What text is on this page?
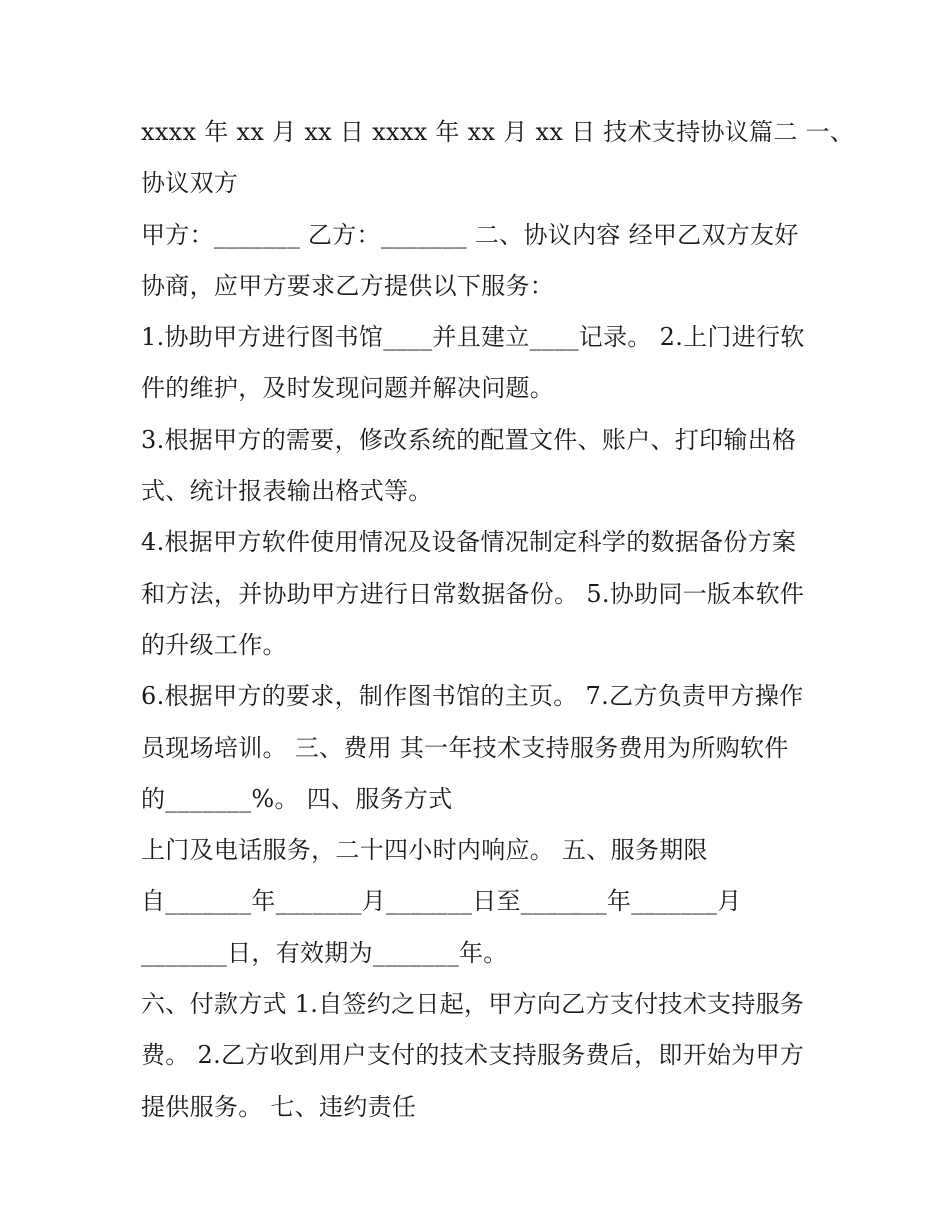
xxxx 年 xx 月 xx 日 xxxx 年 xx 月 xx 日 技术支持协议篇二 一、
协议双方
甲方：_______ 乙方：_______ 二、协议内容 经甲乙双方友好
协商，应甲方要求乙方提供以下服务：
1.协助甲方进行图书馆____并且建立____记录。 2.上门进行软
件的维护，及时发现问题并解决问题。
3.根据甲方的需要，修改系统的配置文件、账户、打印输出格
式、统计报表输出格式等。
4.根据甲方软件使用情况及设备情况制定科学的数据备份方案
和方法，并协助甲方进行日常数据备份。 5.协助同一版本软件
的升级工作。
6.根据甲方的要求，制作图书馆的主页。 7.乙方负责甲方操作
员现场培训。 三、费用 其一年技术支持服务费用为所购软件
的_______%。 四、服务方式
上门及电话服务，二十四小时内响应。 五、服务期限
自_______年_______月_______日至_______年_______月
_______日，有效期为_______年。
六、付款方式 1.自签约之日起，甲方向乙方支付技术支持服务
费。 2.乙方收到用户支付的技术支持服务费后，即开始为甲方
提供服务。 七、违约责任
